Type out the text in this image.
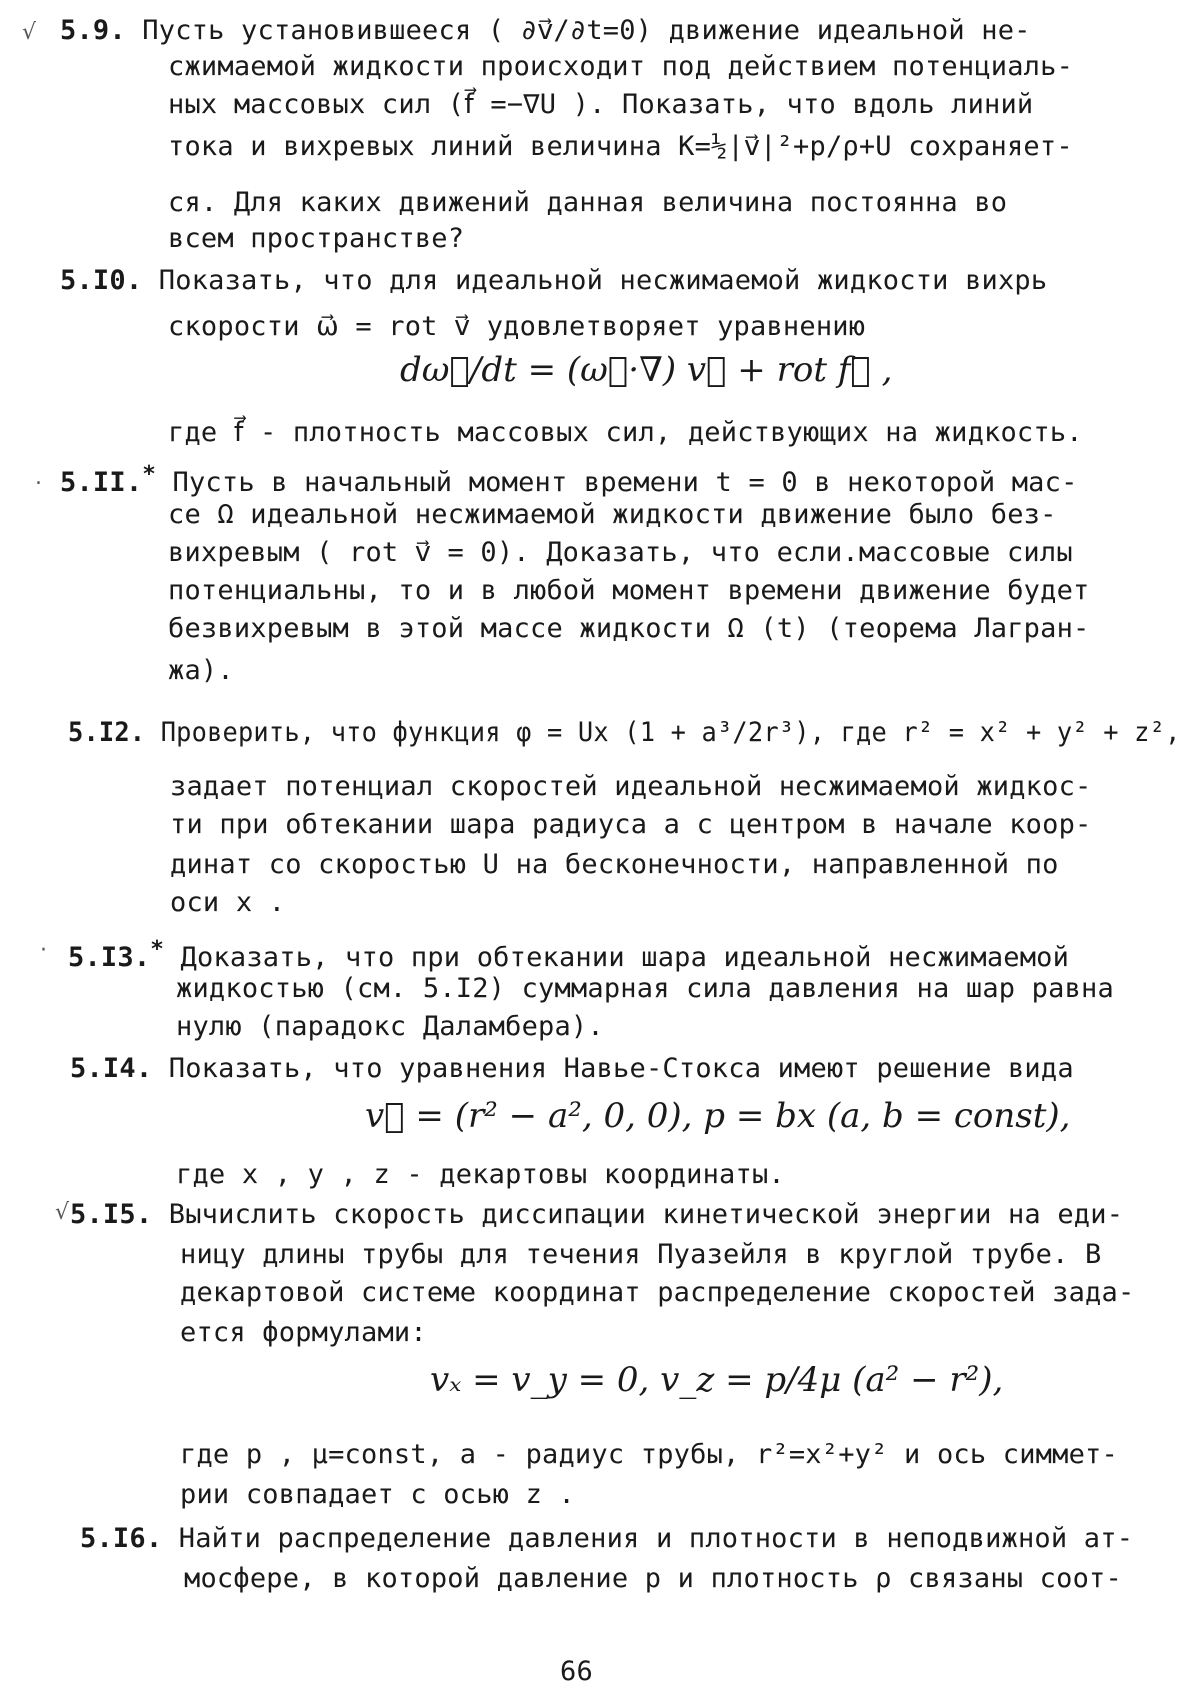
√
.
·
√
5.9. Пусть установившееся ( ∂v⃗/∂t=0) движение идеальной не-
сжимаемой жидкости происходит под действием потенциаль-
ных массовых сил (f⃗ =−∇U ). Показать, что вдоль линий
тока и вихревых линий величина K=½|v⃗|²+p/ρ+U сохраняет-
ся. Для каких движений данная величина постоянна во
всем пространстве?
5.I0. Показать, что для идеальной несжимаемой жидкости вихрь
скорости ω⃗ = rot v⃗ удовлетворяет уравнению
dω⃗/dt = (ω⃗·∇) v⃗ + rot f⃗ ,
где f⃗ - плотность массовых сил, действующих на жидкость.
5.II.* Пусть в начальный момент времени t = 0 в некоторой мас-
се Ω идеальной несжимаемой жидкости движение было без-
вихревым ( rot v⃗ = 0). Доказать, что если.массовые силы
потенциальны, то и в любой момент времени движение будет
безвихревым в этой массе жидкости Ω (t) (теорема Лагран-
жа).
5.I2. Проверить, что функция φ = Ux (1 + a³/2r³), где r² = x² + y² + z²,
задает потенциал скоростей идеальной несжимаемой жидкос-
ти при обтекании шара радиуса a с центром в начале коор-
динат со скоростью U на бесконечности, направленной по
оси x .
5.I3.* Доказать, что при обтекании шара идеальной несжимаемой
жидкостью (см. 5.I2) суммарная сила давления на шар равна
нулю (парадокс Даламбера).
5.I4. Показать, что уравнения Навье-Стокса имеют решение вида
v⃗ = (r² − a², 0, 0), p = bx (a, b = const),
где x , y , z - декартовы координаты.
5.I5. Вычислить скорость диссипации кинетической энергии на еди-
ницу длины трубы для течения Пуазейля в круглой трубе. В
декартовой системе координат распределение скоростей зада-
ется формулами:
vₓ = v_y = 0, v_z = p/4μ (a² − r²),
где p , μ=const, a - радиус трубы, r²=x²+y² и ось симмет-
рии совпадает с осью z .
5.I6. Найти распределение давления и плотности в неподвижной ат-
мосфере, в которой давление p и плотность ρ связаны соот-
66
